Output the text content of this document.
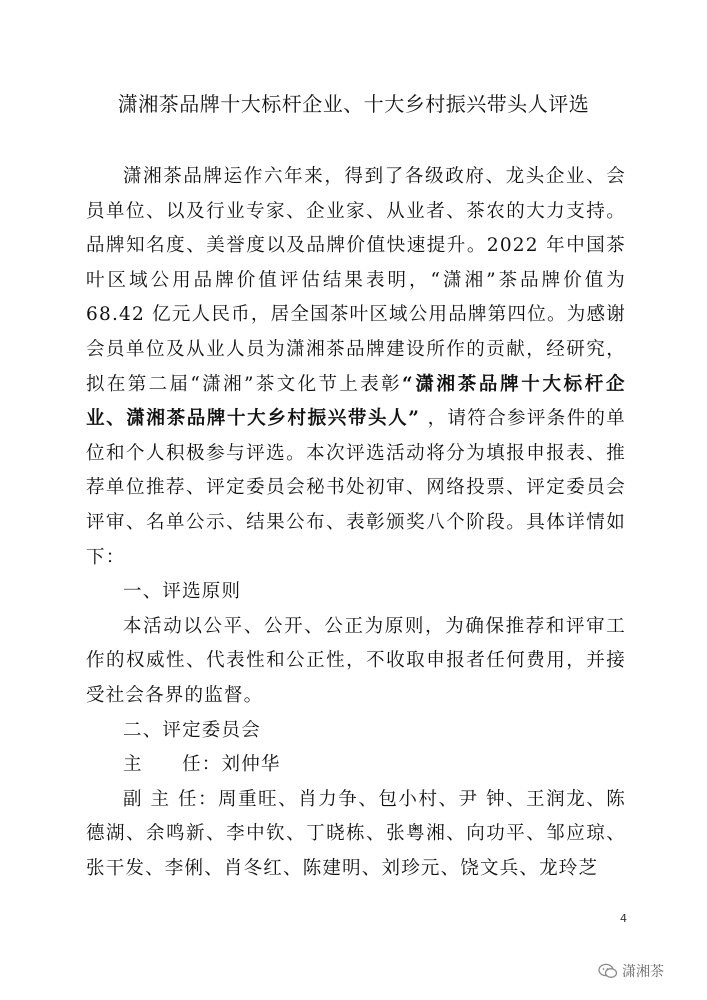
潇湘茶品牌十大标杆企业、十大乡村振兴带头人评选

潇湘茶品牌运作六年来，得到了各级政府、龙头企业、会员单位、以及行业专家、企业家、从业者、茶农的大力支持。品牌知名度、美誉度以及品牌价值快速提升。2022 年中国茶叶区域公用品牌价值评估结果表明，“潇湘”茶品牌价值为 68.42 亿元人民币，居全国茶叶区域公用品牌第四位。为感谢会员单位及从业人员为潇湘茶品牌建设所作的贡献，经研究，拟在第二届“潇湘”茶文化节上表彰“潇湘茶品牌十大标杆企业、潇湘茶品牌十大乡村振兴带头人” ，请符合参评条件的单位和个人积极参与评选。本次评选活动将分为填报申报表、推荐单位推荐、评定委员会秘书处初审、网络投票、评定委员会评审、名单公示、结果公布、表彰颁奖八个阶段。具体详情如下：

一、评选原则

本活动以公平、公开、公正为原则，为确保推荐和评审工作的权威性、代表性和公正性，不收取申报者任何费用，并接受社会各界的监督。

二、评定委员会

主　　任：刘仲华

副 主 任：周重旺、肖力争、包小村、尹 钟、王润龙、陈德湖、余鸣新、李中钦、丁晓栋、张粤湘、向功平、邹应琼、张干发、李俐、肖冬红、陈建明、刘珍元、饶文兵、龙玲芝

4
潇湘茶
